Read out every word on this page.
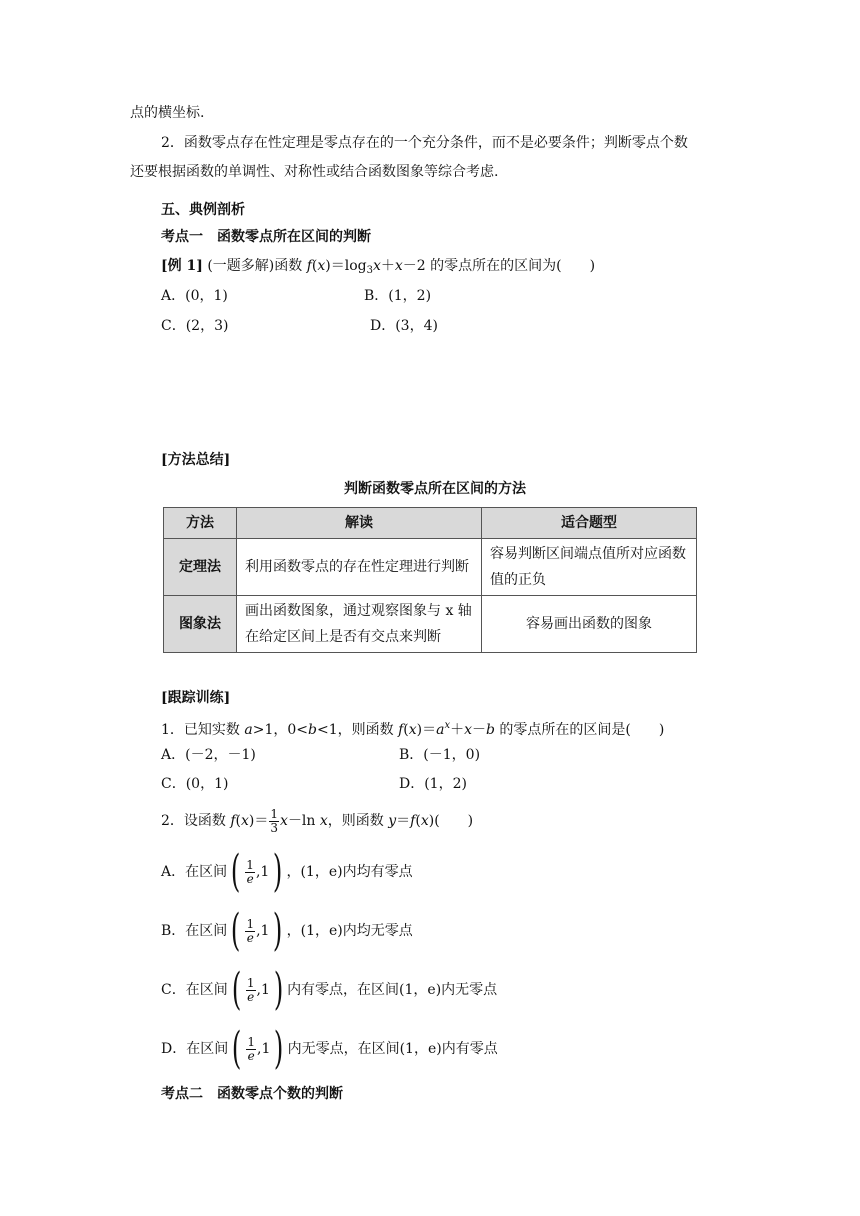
点的横坐标.
2．函数零点存在性定理是零点存在的一个充分条件，而不是必要条件；判断零点个数
还要根据函数的单调性、对称性或结合函数图象等综合考虑.
五、典例剖析
考点一　函数零点所在区间的判断
[例 1] (一题多解)函数 $f(x)=\log_3x+x-2$ 的零点所在的区间为(　　)
A．(0，1)	B．(1，2)
C．(2，3)	D．(3，4)
[方法总结]
判断函数零点所在区间的方法
方法	解读	适合题型
定理法	利用函数零点的存在性定理进行判断	容易判断区间端点值所对应函数值的正负
图象法	画出函数图象，通过观察图象与 x 轴在给定区间上是否有交点来判断	容易画出函数的图象
[跟踪训练]
1．已知实数 a>1，0<b<1，则函数 $f(x)=a^x+x-b$ 的零点所在的区间是(　　)
A．(－2，－1)	B．(－1，0)
C．(0，1)	D．(1，2)
2．设函数 $f(x)= \frac{1}{3} x-\ln$ x，则函数 y＝f(x)(　　)
A．在区间 ( $\frac{1}{e} ,1$ ) ，(1，e)内均有零点
B．在区间 ( $\frac{1}{e} ,1$ ) ，(1，e)内均无零点
C．在区间 ( $\frac{1}{e} ,1$ ) 内有零点，在区间(1，e)内无零点
D．在区间 ( $\frac{1}{e} ,1$ ) 内无零点，在区间(1，e)内有零点
考点二　函数零点个数的判断
